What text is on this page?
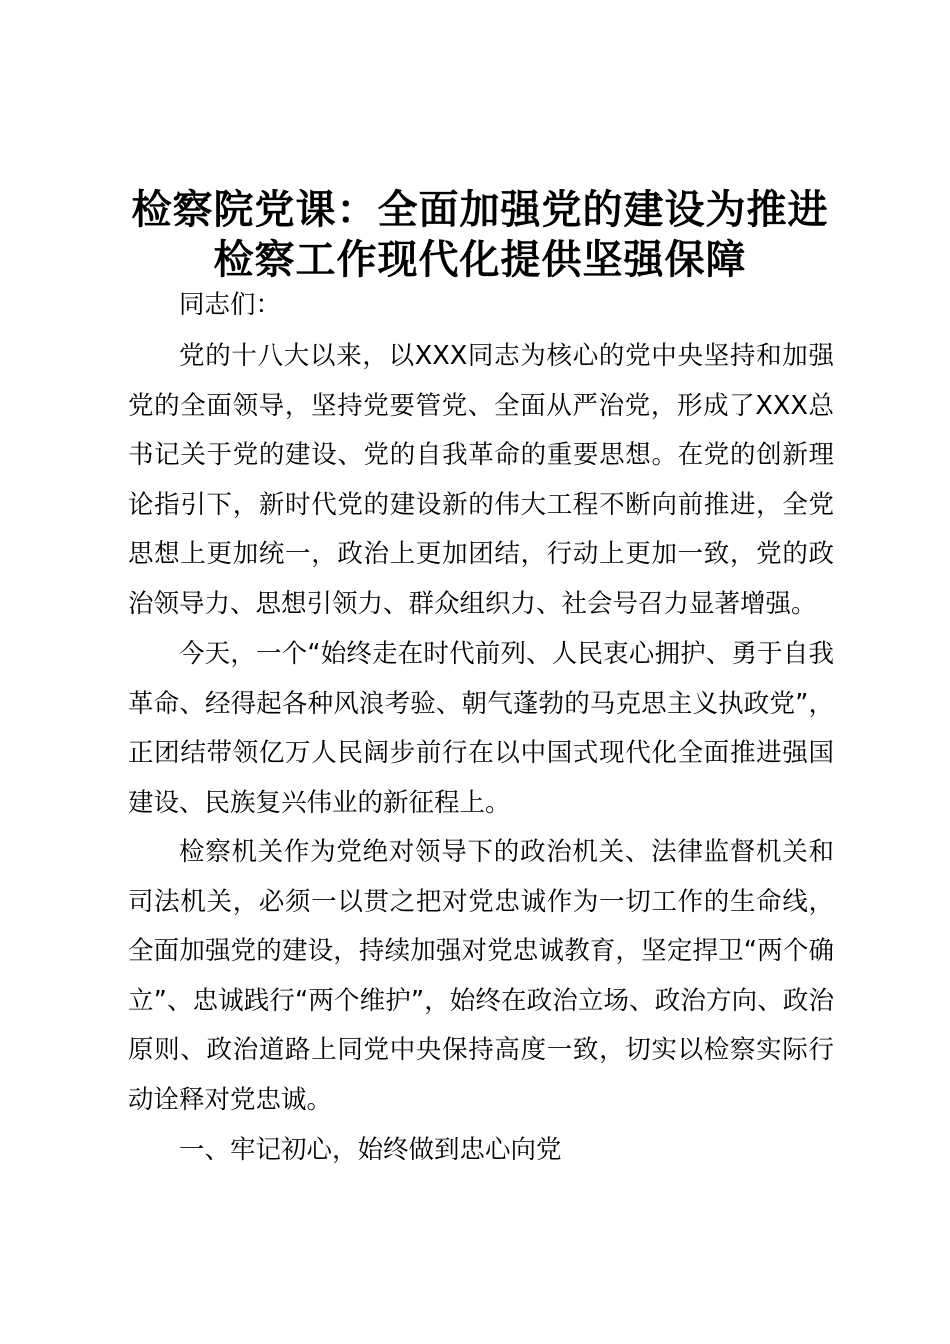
检察院党课：全面加强党的建设为推进
检察工作现代化提供坚强保障
同志们：

党的十八大以来，以XXX同志为核心的党中央坚持和加强党的全面领导，坚持党要管党、全面从严治党，形成了XXX总书记关于党的建设、党的自我革命的重要思想。在党的创新理论指引下，新时代党的建设新的伟大工程不断向前推进，全党思想上更加统一，政治上更加团结，行动上更加一致，党的政治领导力、思想引领力、群众组织力、社会号召力显著增强。

今天，一个“始终走在时代前列、人民衷心拥护、勇于自我革命、经得起各种风浪考验、朝气蓬勃的马克思主义执政党”，正团结带领亿万人民阔步前行在以中国式现代化全面推进强国建设、民族复兴伟业的新征程上。

检察机关作为党绝对领导下的政治机关、法律监督机关和司法机关，必须一以贯之把对党忠诚作为一切工作的生命线，全面加强党的建设，持续加强对党忠诚教育，坚定捍卫“两个确立”、忠诚践行“两个维护”，始终在政治立场、政治方向、政治原则、政治道路上同党中央保持高度一致，切实以检察实际行动诠释对党忠诚。

一、牢记初心，始终做到忠心向党
